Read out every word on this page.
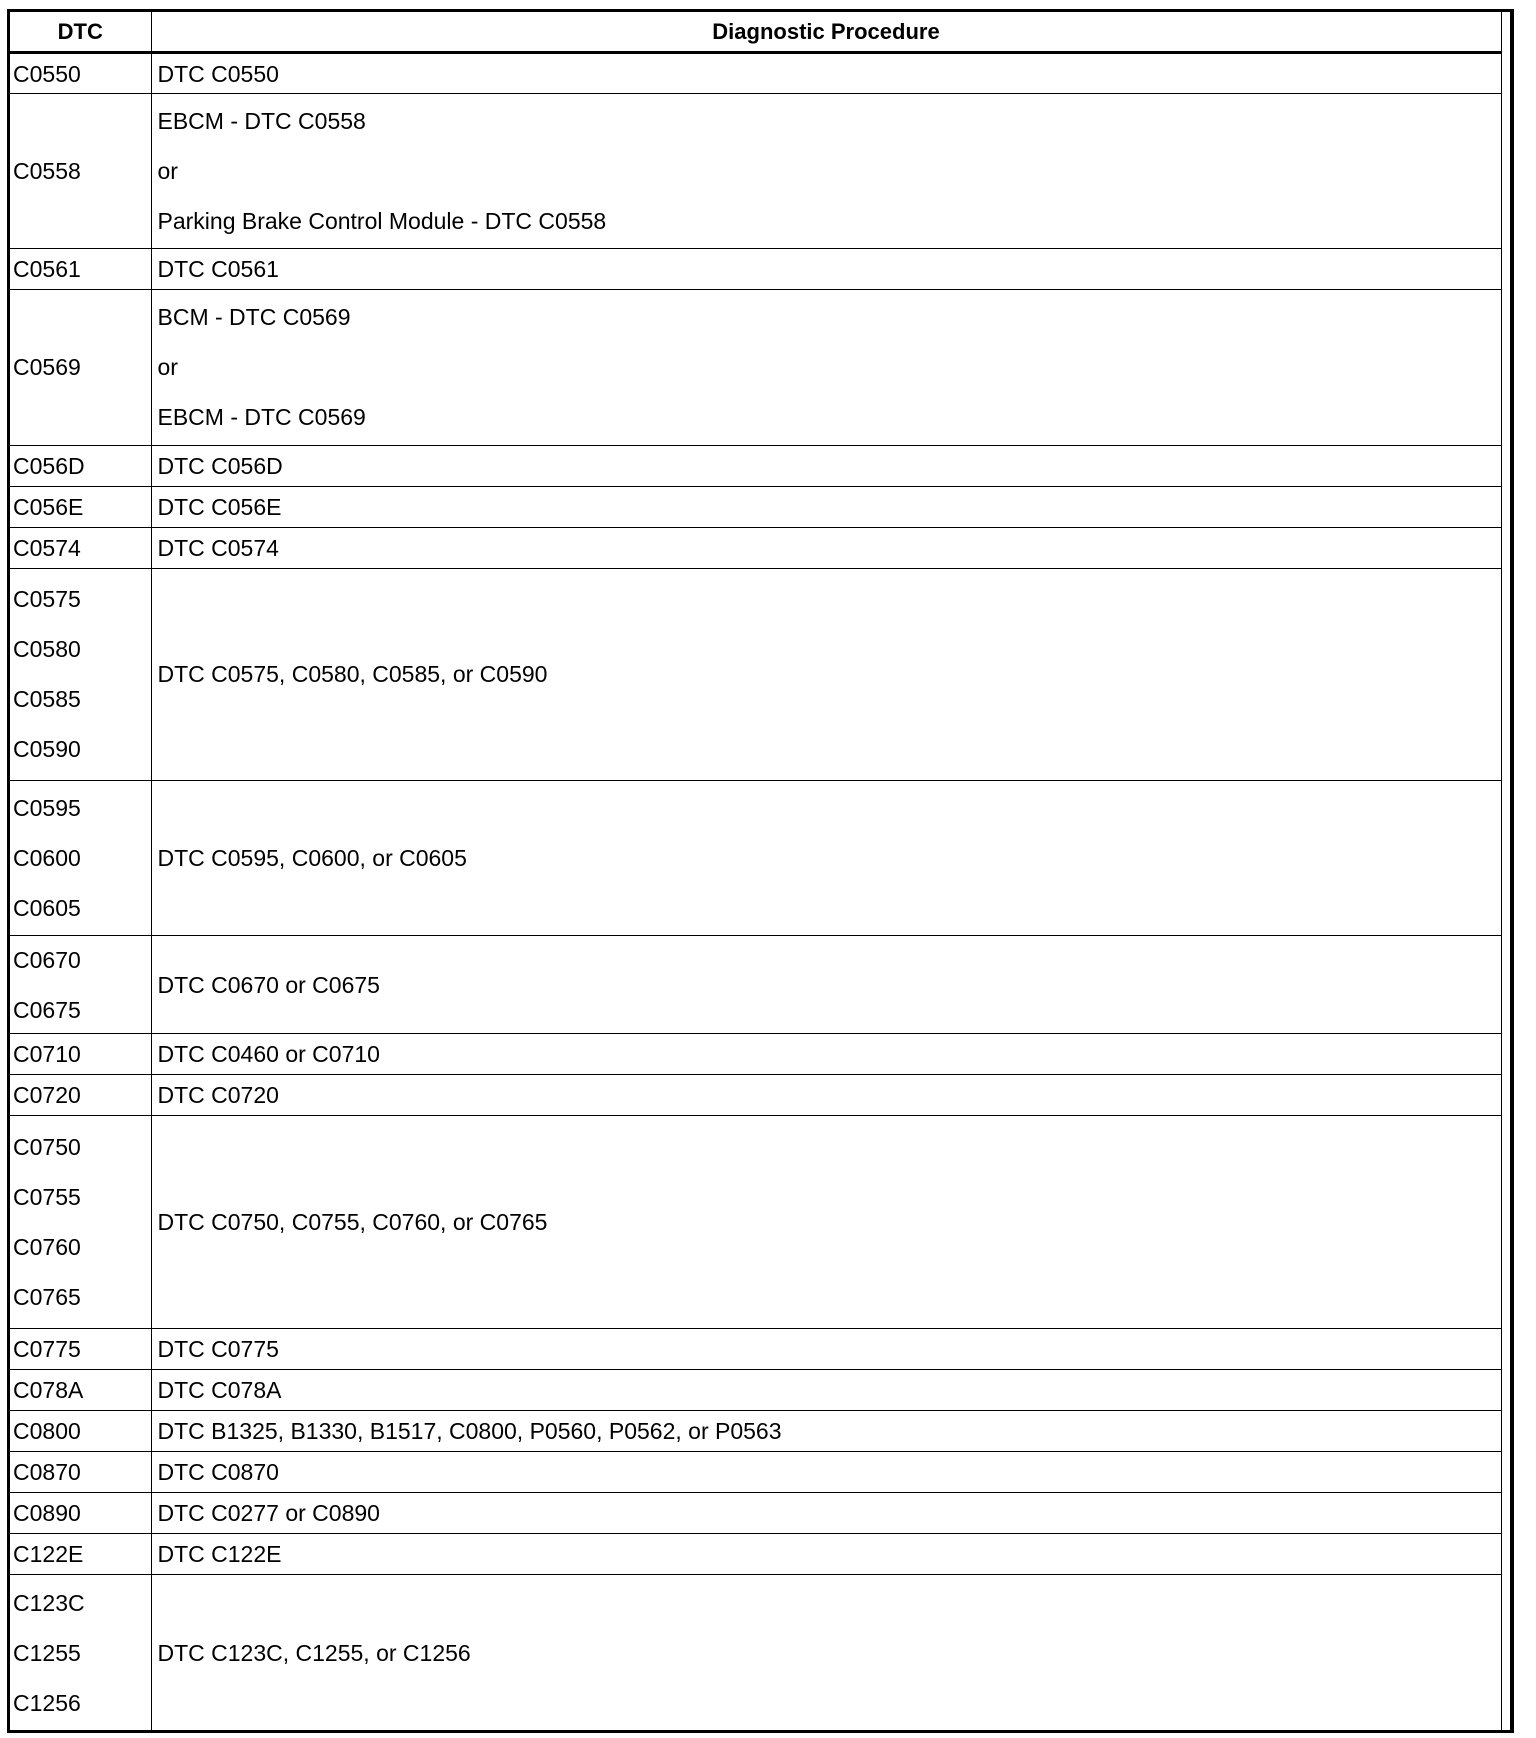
DTC	Diagnostic Procedure

C0550	DTC C0550

C0558	EBCM - DTC C0558
or
Parking Brake Control Module - DTC C0558

C0561	DTC C0561

C0569	BCM - DTC C0569
or
EBCM - DTC C0569

C056D	DTC C056D

C056E	DTC C056E

C0574	DTC C0574

C0575
C0580
C0585
C0590	DTC C0575, C0580, C0585, or C0590

C0595
C0600
C0605	DTC C0595, C0600, or C0605

C0670
C0675	DTC C0670 or C0675

C0710	DTC C0460 or C0710

C0720	DTC C0720

C0750
C0755
C0760
C0765	DTC C0750, C0755, C0760, or C0765

C0775	DTC C0775

C078A	DTC C078A

C0800	DTC B1325, B1330, B1517, C0800, P0560, P0562, or P0563

C0870	DTC C0870

C0890	DTC C0277 or C0890

C122E	DTC C122E

C123C
C1255
C1256	DTC C123C, C1255, or C1256
